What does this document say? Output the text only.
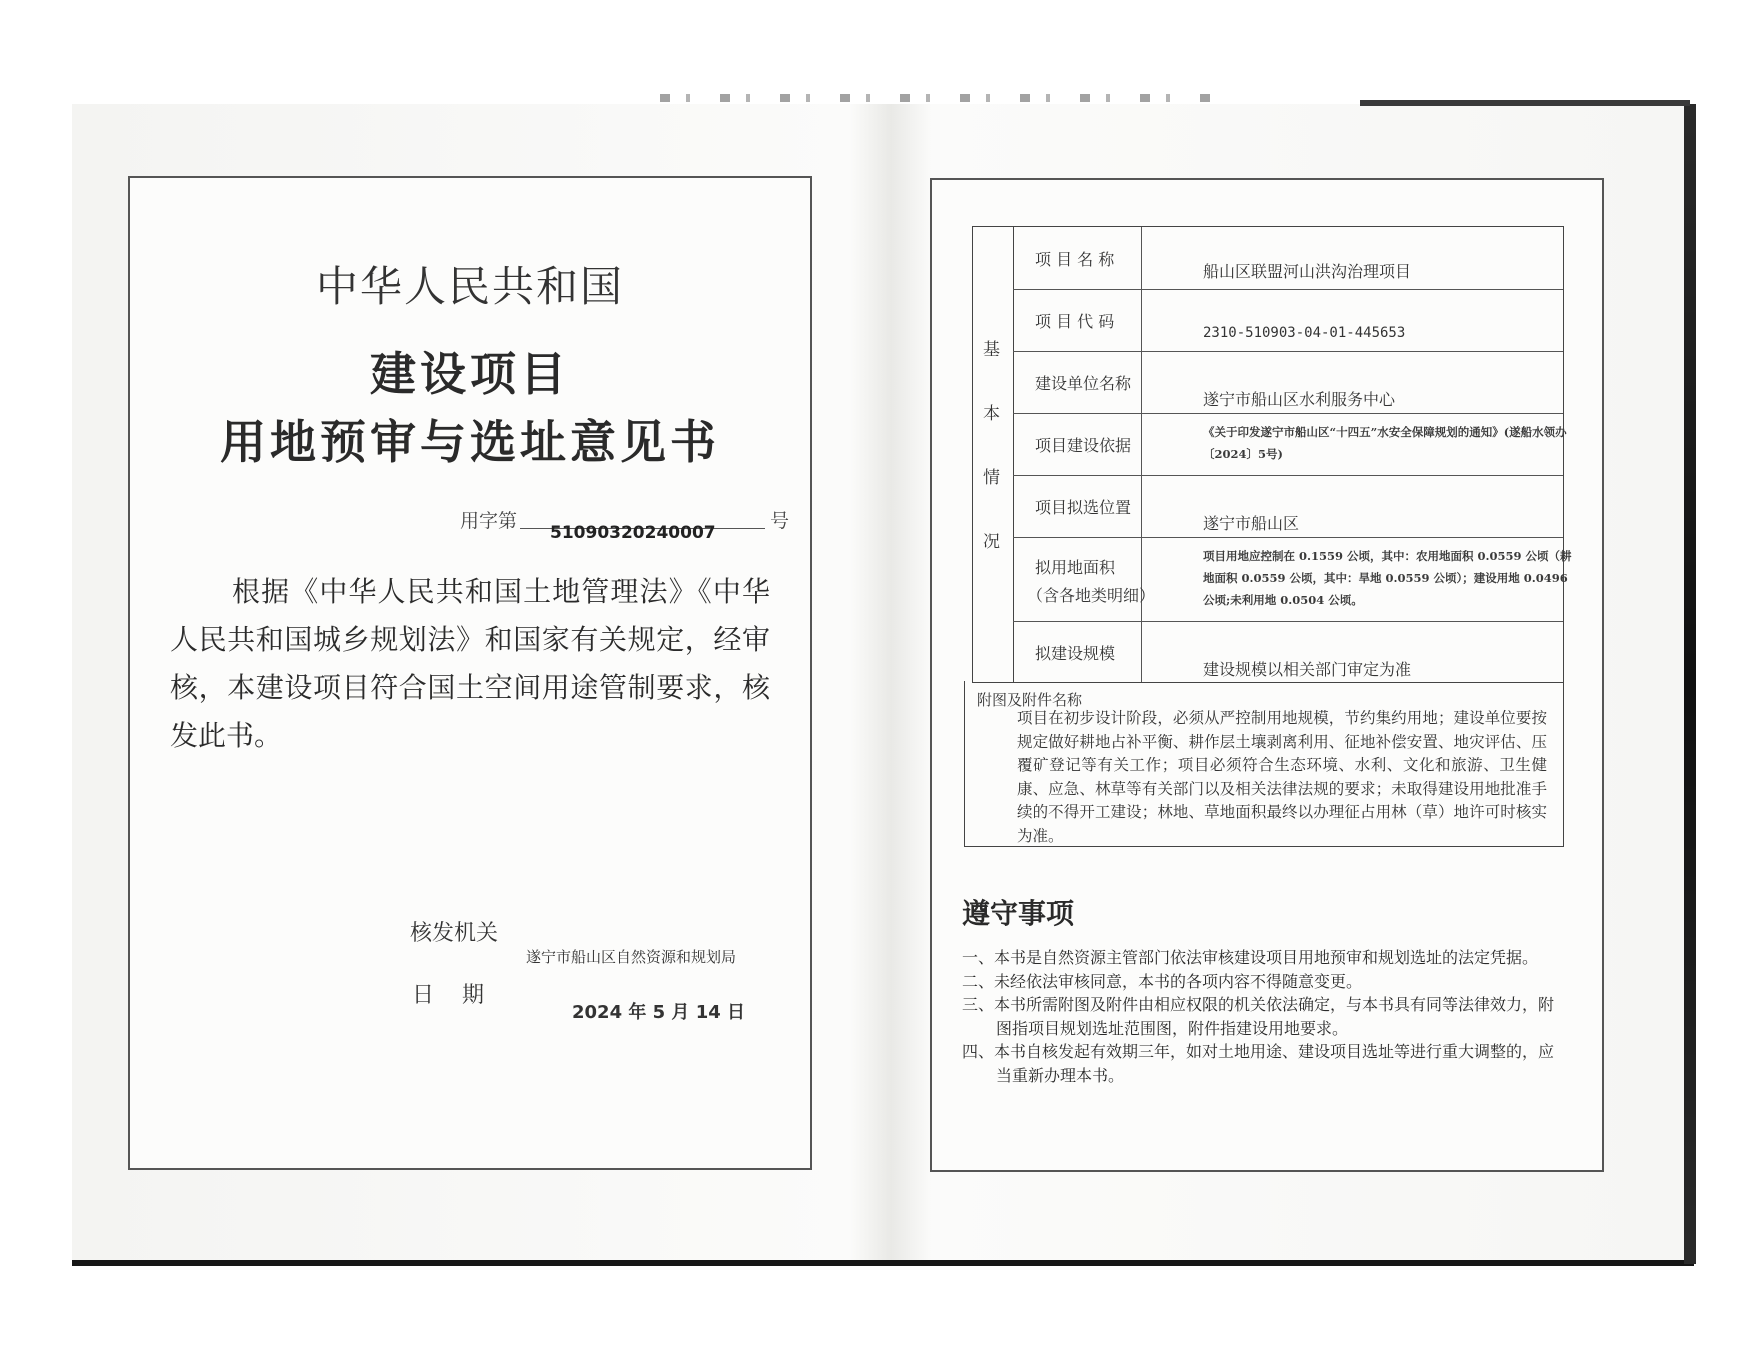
中华人民共和国
建设项目
用地预审与选址意见书
用字第	号
51090320240007
根据《中华人民共和国土地管理法》《中华人民共和国城乡规划法》和国家有关规定，经审核，本建设项目符合国土空间用途管制要求，核发此书。
核发机关
遂宁市船山区自然资源和规划局
日期
2024 年 5 月 14 日
基
本
情
况
项 目 名 称
船山区联盟河山洪沟治理项目
项 目 代 码
2310-510903-04-01-445653
建设单位名称
遂宁市船山区水利服务中心
项目建设依据
《关于印发遂宁市船山区“十四五”水安全保障规划的通知》(遂船水领办〔2024〕5号)
项目拟选位置
遂宁市船山区
拟用地面积
（含各地类明细）
项目用地应控制在 0.1559 公顷，其中：农用地面积 0.0559 公顷（耕地面积 0.0559 公顷，其中：旱地 0.0559 公顷）；建设用地 0.0496 公顷;未利用地 0.0504 公顷。
拟建设规模
建设规模以相关部门审定为准
附图及附件名称
项目在初步设计阶段，必须从严控制用地规模，节约集约用地；建设单位要按规定做好耕地占补平衡、耕作层土壤剥离利用、征地补偿安置、地灾评估、压覆矿登记等有关工作；项目必须符合生态环境、水利、文化和旅游、卫生健康、应急、林草等有关部门以及相关法律法规的要求；未取得建设用地批准手续的不得开工建设；林地、草地面积最终以办理征占用林（草）地许可时核实为准。
遵守事项
一、本书是自然资源主管部门依法审核建设项目用地预审和规划选址的法定凭据。
二、未经依法审核同意，本书的各项内容不得随意变更。
三、本书所需附图及附件由相应权限的机关依法确定，与本书具有同等法律效力，附图指项目规划选址范围图，附件指建设用地要求。
四、本书自核发起有效期三年，如对土地用途、建设项目选址等进行重大调整的，应当重新办理本书。
